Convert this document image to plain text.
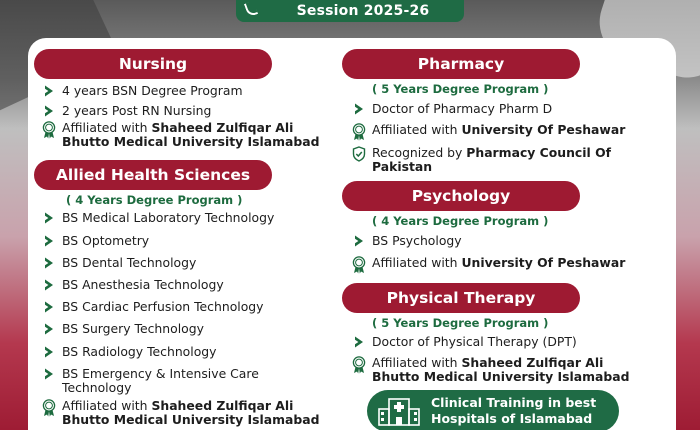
Session 2025-26
Nursing
4 years BSN Degree Program
2 years Post RN Nursing
Affiliated with Shaheed Zulfiqar Ali
Bhutto Medical University Islamabad
Allied Health Sciences
( 4 Years Degree Program )
BS Medical Laboratory Technology
BS Optometry
BS Dental Technology
BS Anesthesia Technology
BS Cardiac Perfusion Technology
BS Surgery Technology
BS Radiology Technology
BS Emergency & Intensive Care
Technology
Affiliated with Shaheed Zulfiqar Ali
Bhutto Medical University Islamabad
Pharmacy
( 5 Years Degree Program )
Doctor of Pharmacy Pharm D
Affiliated with University Of Peshawar
Recognized by Pharmacy Council Of
Pakistan
Psychology
( 4 Years Degree Program )
BS Psychology
Affiliated with University Of Peshawar
Physical Therapy
( 5 Years Degree Program )
Doctor of Physical Therapy (DPT)
Affiliated with Shaheed Zulfiqar Ali
Bhutto Medical University Islamabad
Clinical Training in best
Hospitals of Islamabad
